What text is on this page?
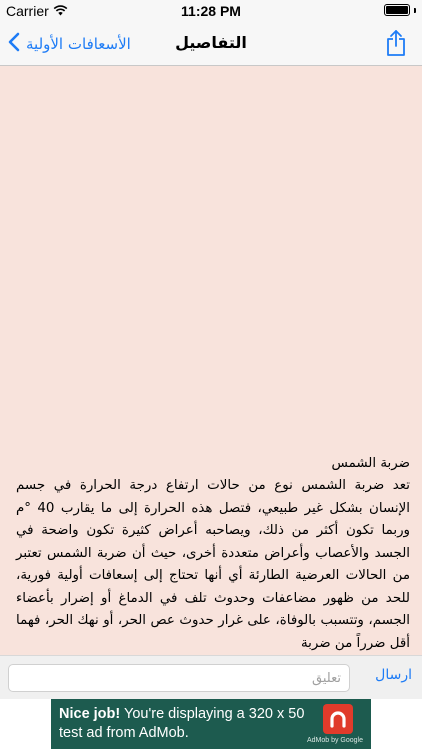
Carrier	11:28 PM
الأسعافات الأولية	التفاصيل
ضربة الشمس
تعد ضربة الشمس نوع من حالات ارتفاع درجة الحرارة في جسم الإنسان بشكل غير طبيعي، فتصل هذه الحرارة إلى ما يقارب 40 °م وربما تكون أكثر من ذلك، ويصاحبه أعراض كثيرة تكون واضحة في الجسد والأعصاب وأعراض متعددة أخرى، حيث أن ضربة الشمس تعتبر من الحالات العرضية الطارئة أي أنها تحتاج إلى إسعافات أولية فورية، للحد من ظهور مضاعفات وحدوث تلف في الدماغ أو إضرار بأعضاء الجسم، وتتسبب بالوفاة، على غرار حدوث عص الحر، أو نهك الحر، فهما أقل ضرراً من ضربة
تعليق
ارسال
Nice job! You're displaying a 320 x 50 test ad from AdMob.	AdMob by Google
